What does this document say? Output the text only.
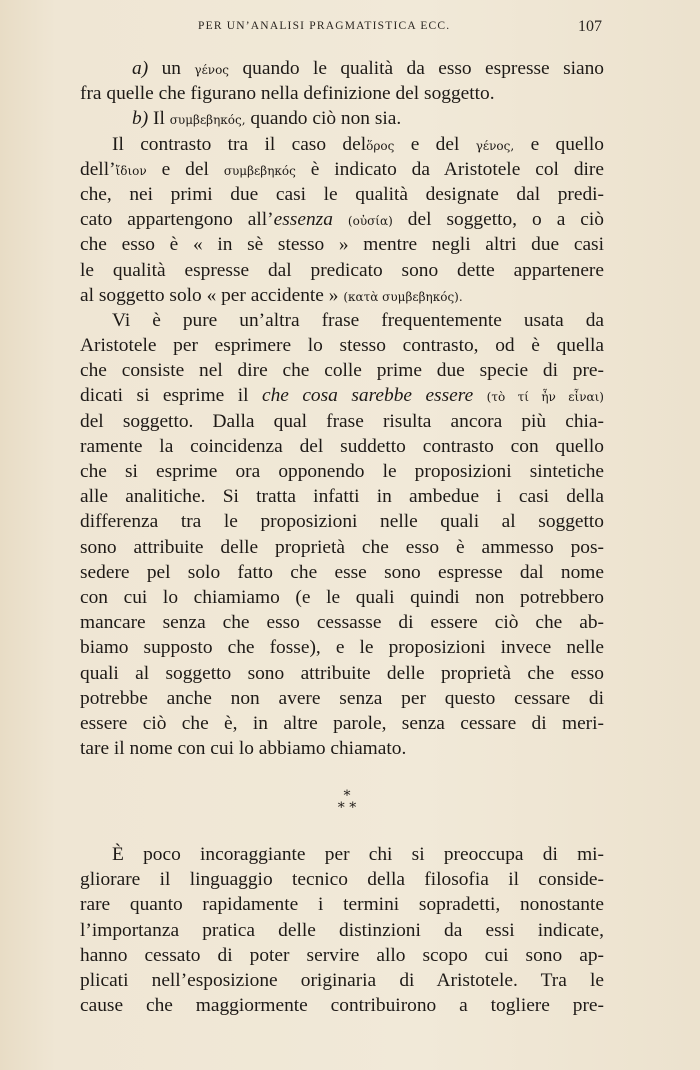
PER UN’ANALISI PRAGMATISTICA ECC.	107
a) un γένος quando le qualità da esso espresse siano
fra quelle che figurano nella definizione del soggetto.
b) Il συμβεβηκός, quando ciò non sia.
Il contrasto tra il caso delὅρος e del γένος, e quello
dell’ἴδιον e del συμβεβηκός è indicato da Aristotele col dire
che, nei primi due casi le qualità designate dal predi-
cato appartengono all’essenza (οὐσία) del soggetto, o a ciò
che esso è « in sè stesso » mentre negli altri due casi
le qualità espresse dal predicato sono dette appartenere
al soggetto solo « per accidente » (κατὰ συμβεβηκός).
Vi è pure un’altra frase frequentemente usata da
Aristotele per esprimere lo stesso contrasto, od è quella
che consiste nel dire che colle prime due specie di pre-
dicati si esprime il che cosa sarebbe essere (τὸ τί ἦν εἶναι)
del soggetto. Dalla qual frase risulta ancora più chia-
ramente la coincidenza del suddetto contrasto con quello
che si esprime ora opponendo le proposizioni sintetiche
alle analitiche. Si tratta infatti in ambedue i casi della
differenza tra le proposizioni nelle quali al soggetto
sono attribuite delle proprietà che esso è ammesso pos-
sedere pel solo fatto che esse sono espresse dal nome
con cui lo chiamiamo (e le quali quindi non potrebbero
mancare senza che esso cessasse di essere ciò che ab-
biamo supposto che fosse), e le proposizioni invece nelle
quali al soggetto sono attribuite delle proprietà che esso
potrebbe anche non avere senza per questo cessare di
essere ciò che è, in altre parole, senza cessare di meri-
tare il nome con cui lo abbiamo chiamato.
*
* *
È poco incoraggiante per chi si preoccupa di mi-
gliorare il linguaggio tecnico della filosofia il conside-
rare quanto rapidamente i termini sopradetti, nonostante
l’importanza pratica delle distinzioni da essi indicate,
hanno cessato di poter servire allo scopo cui sono ap-
plicati nell’esposizione originaria di Aristotele. Tra le
cause che maggiormente contribuirono a togliere pre-
